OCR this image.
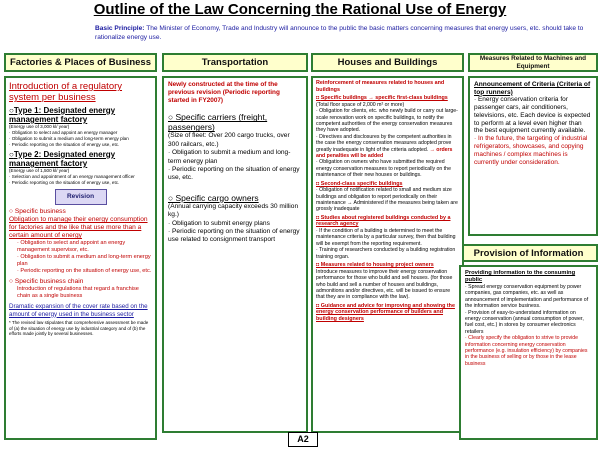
Outline of the Law Concerning the Rational Use of Energy
Basic Principle: The Minister of Economy, Trade and Industry will announce to the public the basic matters concerning measures that energy users, etc. should take to rationalize energy use.
Factories & Places of Business	Transportation	Houses and Buildings	Measures Related to Machines and Equipment
Provision of Information
Introduction of a regulatory system per business
○Type 1: Designated energy management factory
(Energy use of 3,000 kl/ year)
· Obligation to select and appoint an energy manager
· Obligation to submit a medium and long-term energy plan
· Periodic reporting on the situation of energy use, etc.
○Type 2: Designated energy management factory
(Energy use of 1,500 kl/ year)
· Selection and appointment of an energy management officer
· Periodic reporting on the situation of energy use, etc.
Revision
○ Specific business
Obligation to manage their energy consumption for factories and the like that use more than a certain amount of energy
· Obligation to select and appoint an energy management supervisor, etc.
· Obligation to submit a medium and long-term energy plan
· Periodic reporting on the situation of energy use, etc.
○ Specific business chain
Introduction of regulations that regard a franchise chain as a single business
Dramatic expansion of the cover rate based on the amount of energy used in the business sector
* The revised law stipulates that comprehensive assessment be made of (a) the situation of energy use by industrial category and of (b) the efforts made jointly by several businesses.
Newly constructed at the time of the previous revision (Periodic reporting started in FY2007)
○ Specific carriers (freight, passengers)
(Size of fleet: Over 200 cargo trucks, over 300 railcars, etc.)
· Obligation to submit a medium and long-term energy plan
· Periodic reporting on the situation of energy use, etc.
○ Specific cargo owners
(Annual carrying capacity exceeds 30 million kg.)
· Obligation to submit energy plans
· Periodic reporting on the situation of energy use related to consignment transport
Reinforcement of measures related to houses and buildings
◘ Specific buildings → specific first-class buildings
(Total floor space of 2,000 m² or more)
· Obligation for clients, etc. who newly build or carry out large-scale renovation work on specific buildings, to notify the competent authorities of the energy conservation measures they have adopted.
· Directives and disclosures by the competent authorities in the case the energy conservation measures adopted prove greatly inadequate in light of the criteria adopted. → orders and penalties will be added
· Obligation on owners who have submitted the required energy conservation measures to report periodically on the maintenance of their new houses or buildings.
◘ Second-class specific buildings
· Obligation of notification related to small and medium size buildings and obligation to report periodically on their maintenance → Administered if the measures being taken are grossly inadequate
◘ Studies about registered buildings conducted by a research agency
· If the condition of a building is determined to meet the maintenance criteria by a particular survey, then that building will be exempt from the reporting requirement.
· Training of researchers conducted by a building registration training organ.
◘ Measures related to housing project owners
Introduce measures to improve their energy conservation performance for those who build and sell houses. (for those who build and sell a number of houses and buildings, admonitions and/or directives, etc. will be issued to ensure that they are in compliance with the law).
◘ Guidance and advice for improving and showing the energy conservation performance of builders and building designers
Announcement of Criteria (Criteria of top runners)
· Energy conservation criteria for passenger cars, air conditioners, televisions, etc. Each device is expected to perform at a level even higher than the best equipment currently available.
· In the future, the targeting of industrial refrigerators, showcases, and copying machines / complex machines is currently under consideration.
Providing information to the consuming public
· Spread energy conservation equipment by power companies, gas companies, etc. as well as announcement of implementation and performance of the information service business.
· Provision of easy-to-understand information on energy conservation (annual consumption of power, fuel cost, etc.) in stores by consumer electronics retailers
· Clearly specify the obligation to strive to provide information concerning energy conservation performance (e.g. insulation efficiency) by companies in the business of selling or by those in the lease business
A2
